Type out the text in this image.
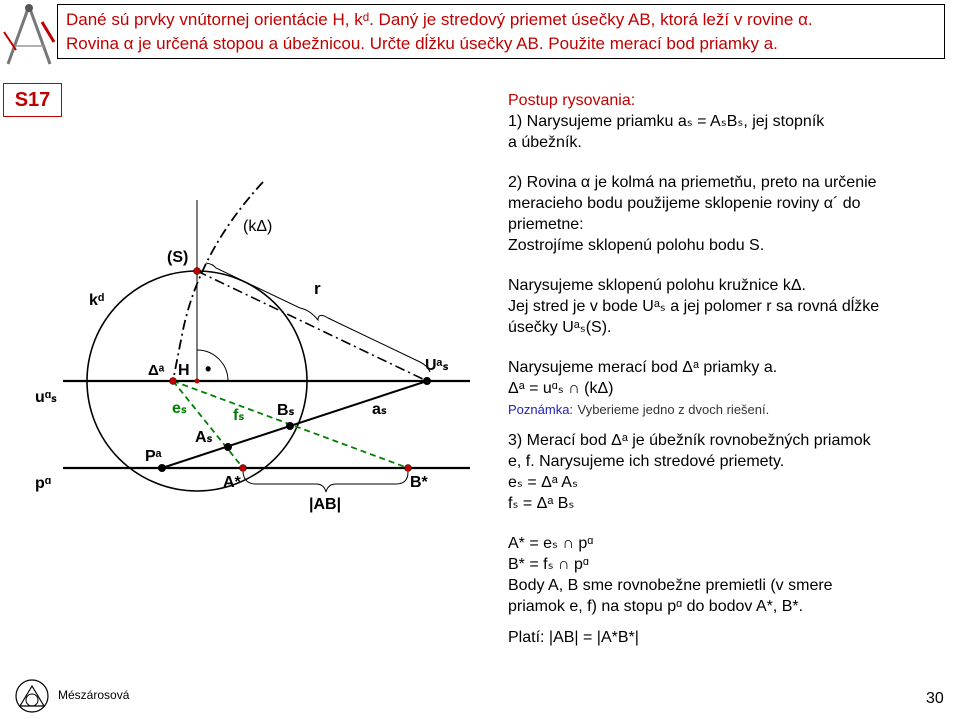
Dané sú prvky vnútornej orientácie H, kᵈ. Daný je stredový priemet úsečky AB, ktorá leží v rovine α.
Rovina α je určená stopou a úbežnicou. Určte dĺžku úsečky AB. Použite merací bod priamky a.
S17
kᵈ
(S)
(kΔ)
r
Δᵃ H •	Uᵃₛ
uᵅₛ
eₛ	fₛ Bₛ	aₛ
Aₛ
Pᵃ
pᵅ	A*	B*
|AB|

Postup rysovania:

1) Narysujeme priamku aₛ = AₛBₛ, jej stopník

a úbežník.

2) Rovina α je kolmá na priemetňu, preto na určenie

meracieho bodu použijeme sklopenie roviny α´ do

priemetne:

Zostrojíme sklopenú polohu bodu S.

Narysujeme sklopenú polohu kružnice kΔ.

Jej stred je v bode Uᵃₛ a jej polomer r sa rovná dĺžke

úsečky Uᵃₛ(S).

Narysujeme merací bod Δᵃ priamky a.

Δᵃ = uᵅₛ ∩ (kΔ)

Poznámka: Vyberieme jedno z dvoch riešení.

3) Merací bod Δᵃ je úbežník rovnobežných priamok

e, f. Narysujeme ich stredové priemety.

eₛ = Δᵃ Aₛ

fₛ = Δᵃ Bₛ

A* = eₛ ∩ pᵅ

B* = fₛ ∩ pᵅ

Body A, B sme rovnobežne premietli (v smere

priamok e, f) na stopu pᵅ do bodov A*, B*.

Platí: |AB| = |A*B*|

Mészárosová	30
